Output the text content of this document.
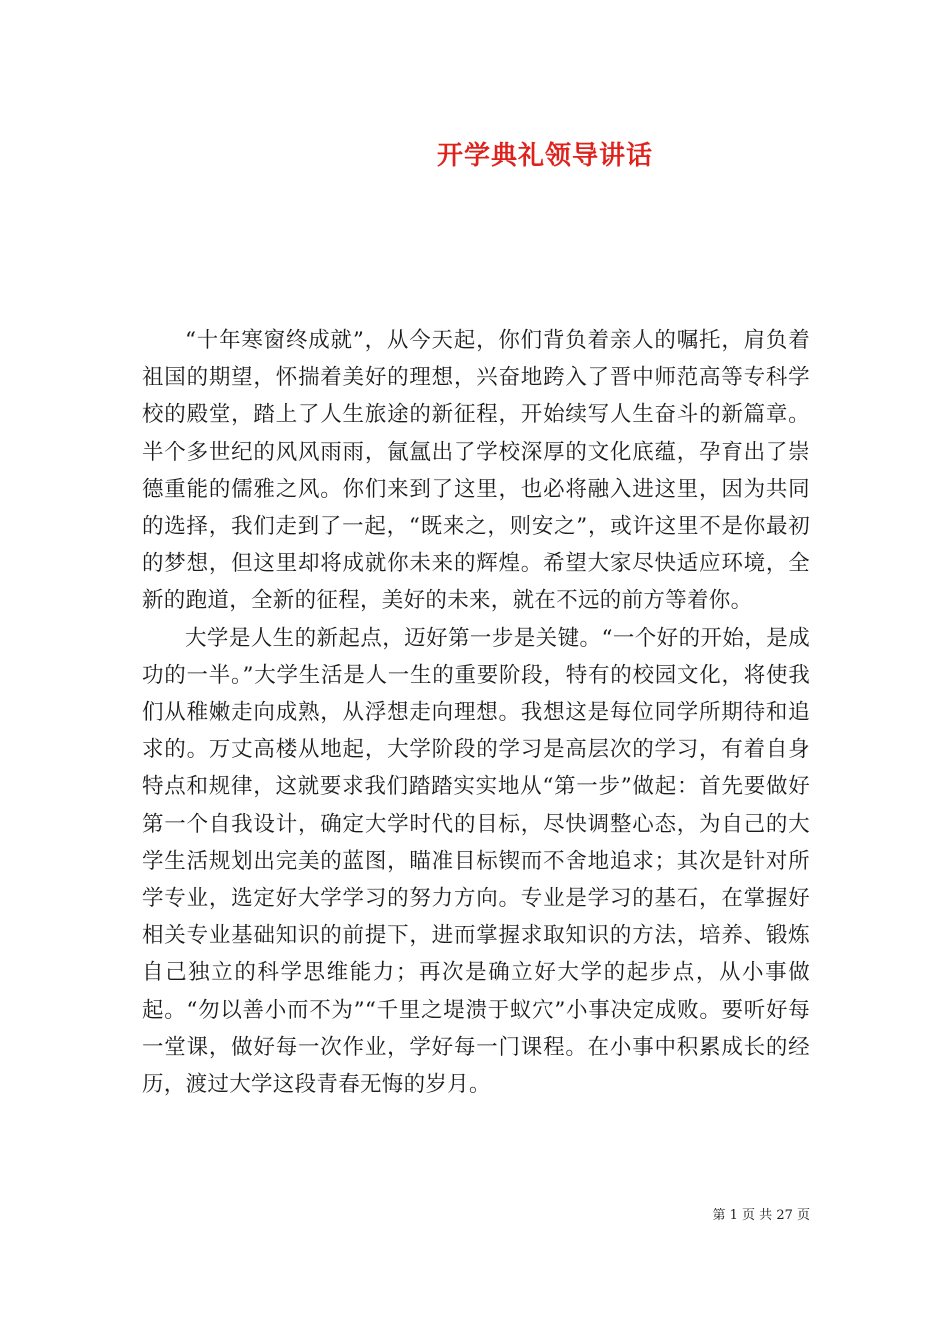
开学典礼领导讲话

“十年寒窗终成就”，从今天起，你们背负着亲人的嘱托，肩负着祖国的期望，怀揣着美好的理想，兴奋地跨入了晋中师范高等专科学校的殿堂，踏上了人生旅途的新征程，开始续写人生奋斗的新篇章。半个多世纪的风风雨雨，氤氲出了学校深厚的文化底蕴，孕育出了崇德重能的儒雅之风。你们来到了这里，也必将融入进这里，因为共同的选择，我们走到了一起，“既来之，则安之”，或许这里不是你最初的梦想，但这里却将成就你未来的辉煌。希望大家尽快适应环境，全新的跑道，全新的征程，美好的未来，就在不远的前方等着你。

大学是人生的新起点，迈好第一步是关键。“一个好的开始，是成功的一半。”大学生活是人一生的重要阶段，特有的校园文化，将使我们从稚嫩走向成熟，从浮想走向理想。我想这是每位同学所期待和追求的。万丈高楼从地起，大学阶段的学习是高层次的学习，有着自身特点和规律，这就要求我们踏踏实实地从“第一步”做起：首先要做好第一个自我设计，确定大学时代的目标，尽快调整心态，为自己的大学生活规划出完美的蓝图，瞄准目标锲而不舍地追求；其次是针对所学专业，选定好大学学习的努力方向。专业是学习的基石，在掌握好相关专业基础知识的前提下，进而掌握求取知识的方法，培养、锻炼自己独立的科学思维能力；再次是确立好大学的起步点，从小事做起。“勿以善小而不为”“千里之堤溃于蚁穴”小事决定成败。要听好每一堂课，做好每一次作业，学好每一门课程。在小事中积累成长的经历，渡过大学这段青春无悔的岁月。

第 1 页 共 27 页
